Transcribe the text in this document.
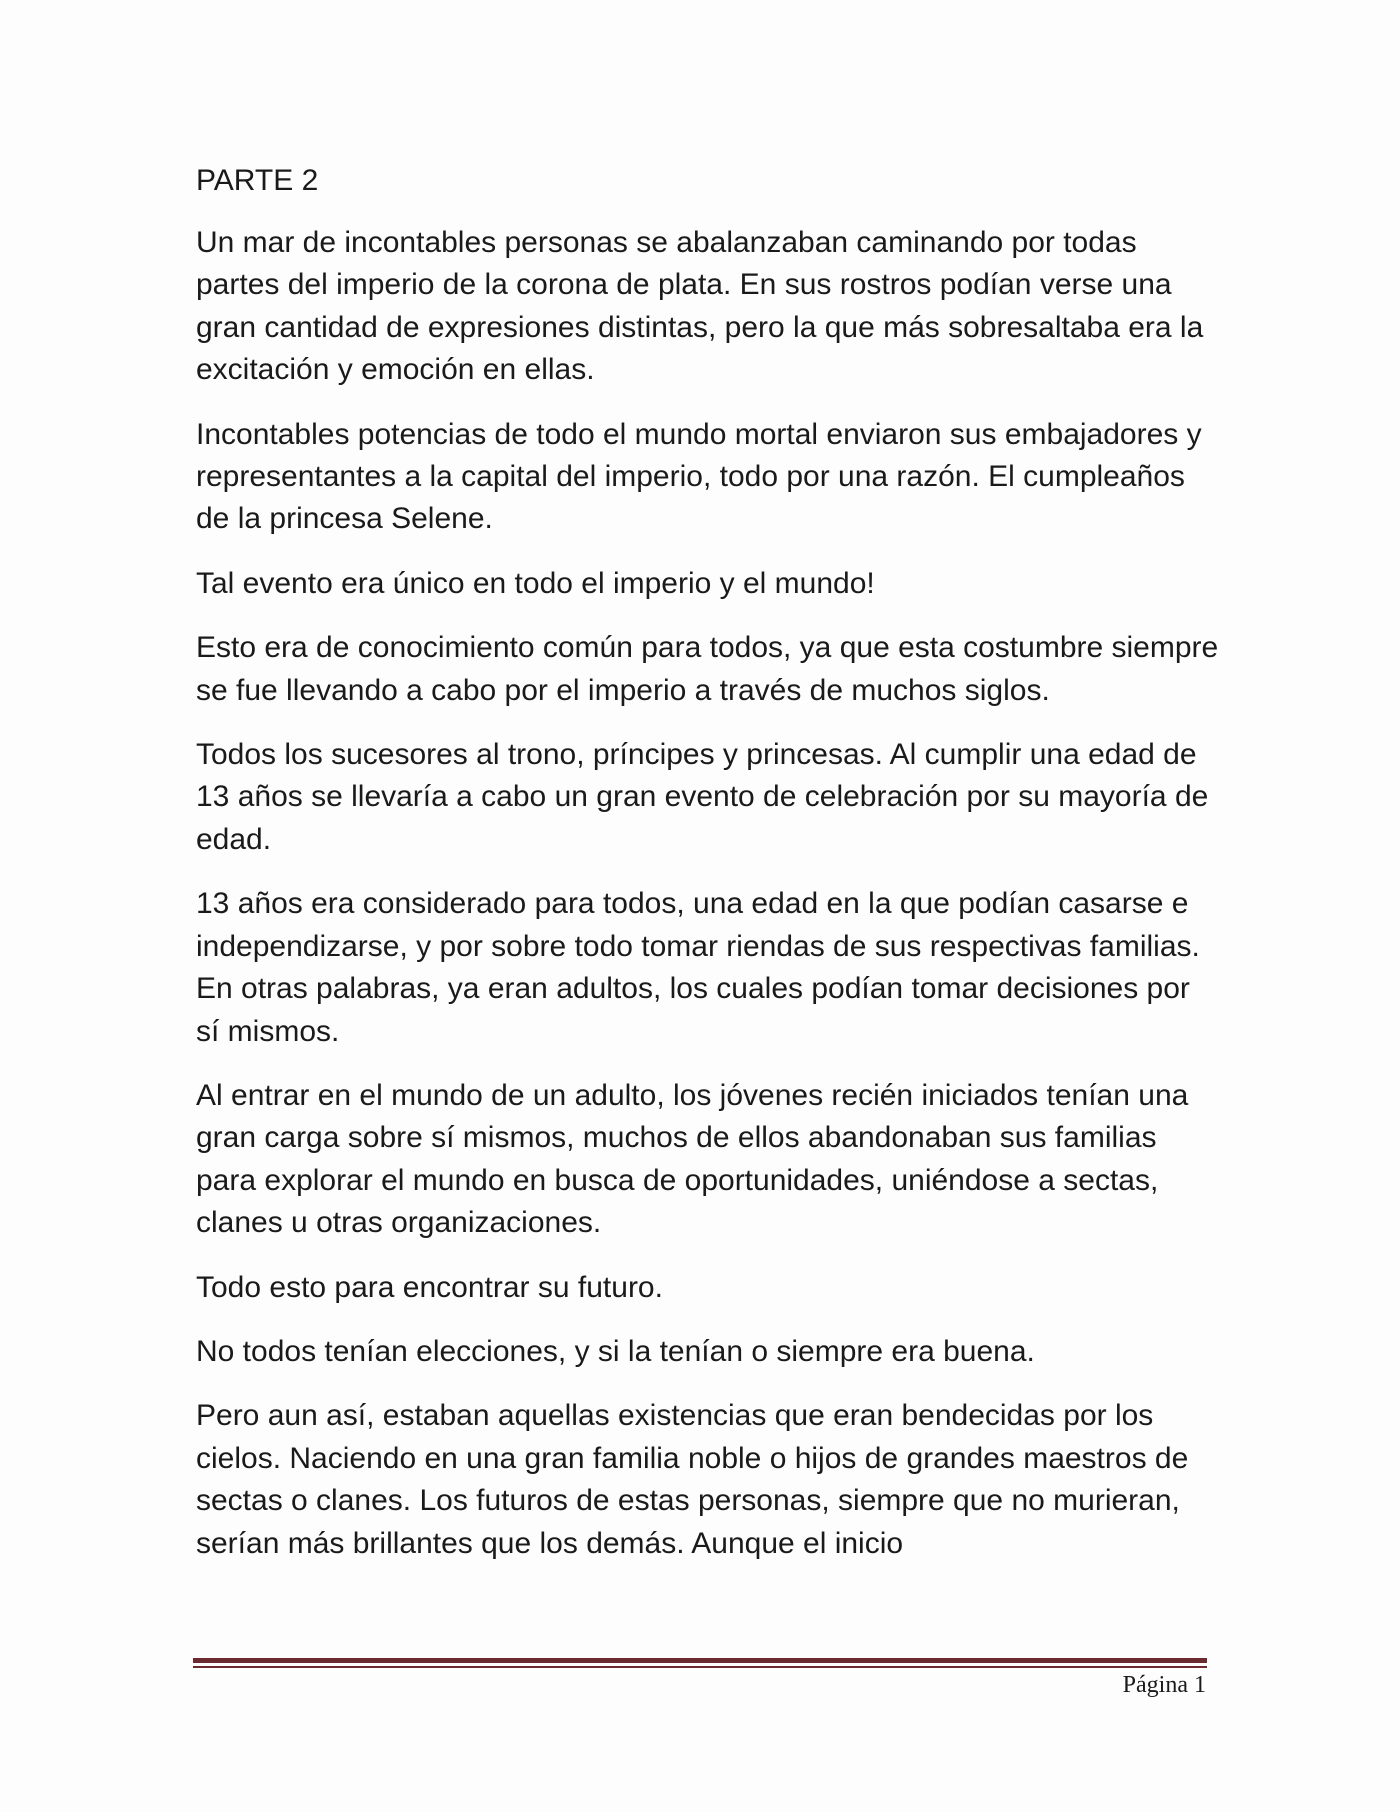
PARTE 2

Un mar de incontables personas se abalanzaban caminando por todas partes del imperio de la corona de plata. En sus rostros podían verse una gran cantidad de expresiones distintas, pero la que más sobresaltaba era la excitación y emoción en ellas.

Incontables potencias de todo el mundo mortal enviaron sus embajadores y representantes a la capital del imperio, todo por una razón. El cumpleaños de la princesa Selene.

Tal evento era único en todo el imperio y el mundo!

Esto era de conocimiento común para todos, ya que esta costumbre siempre se fue llevando a cabo por el imperio a través de muchos siglos.

Todos los sucesores al trono, príncipes y princesas. Al cumplir una edad de 13 años se llevaría a cabo un gran evento de celebración por su mayoría de edad.

13 años era considerado para todos, una edad en la que podían casarse e independizarse, y por sobre todo tomar riendas de sus respectivas familias. En otras palabras, ya eran adultos, los cuales podían tomar decisiones por sí mismos.

Al entrar en el mundo de un adulto, los jóvenes recién iniciados tenían una gran carga sobre sí mismos, muchos de ellos abandonaban sus familias para explorar el mundo en busca de oportunidades, uniéndose a sectas, clanes u otras organizaciones.

Todo esto para encontrar su futuro.

No todos tenían elecciones, y si la tenían o siempre era buena.

Pero aun así, estaban aquellas existencias que eran bendecidas por los cielos. Naciendo en una gran familia noble o hijos de grandes maestros de sectas o clanes. Los futuros de estas personas, siempre que no murieran, serían más brillantes que los demás. Aunque el inicio

Página 1
